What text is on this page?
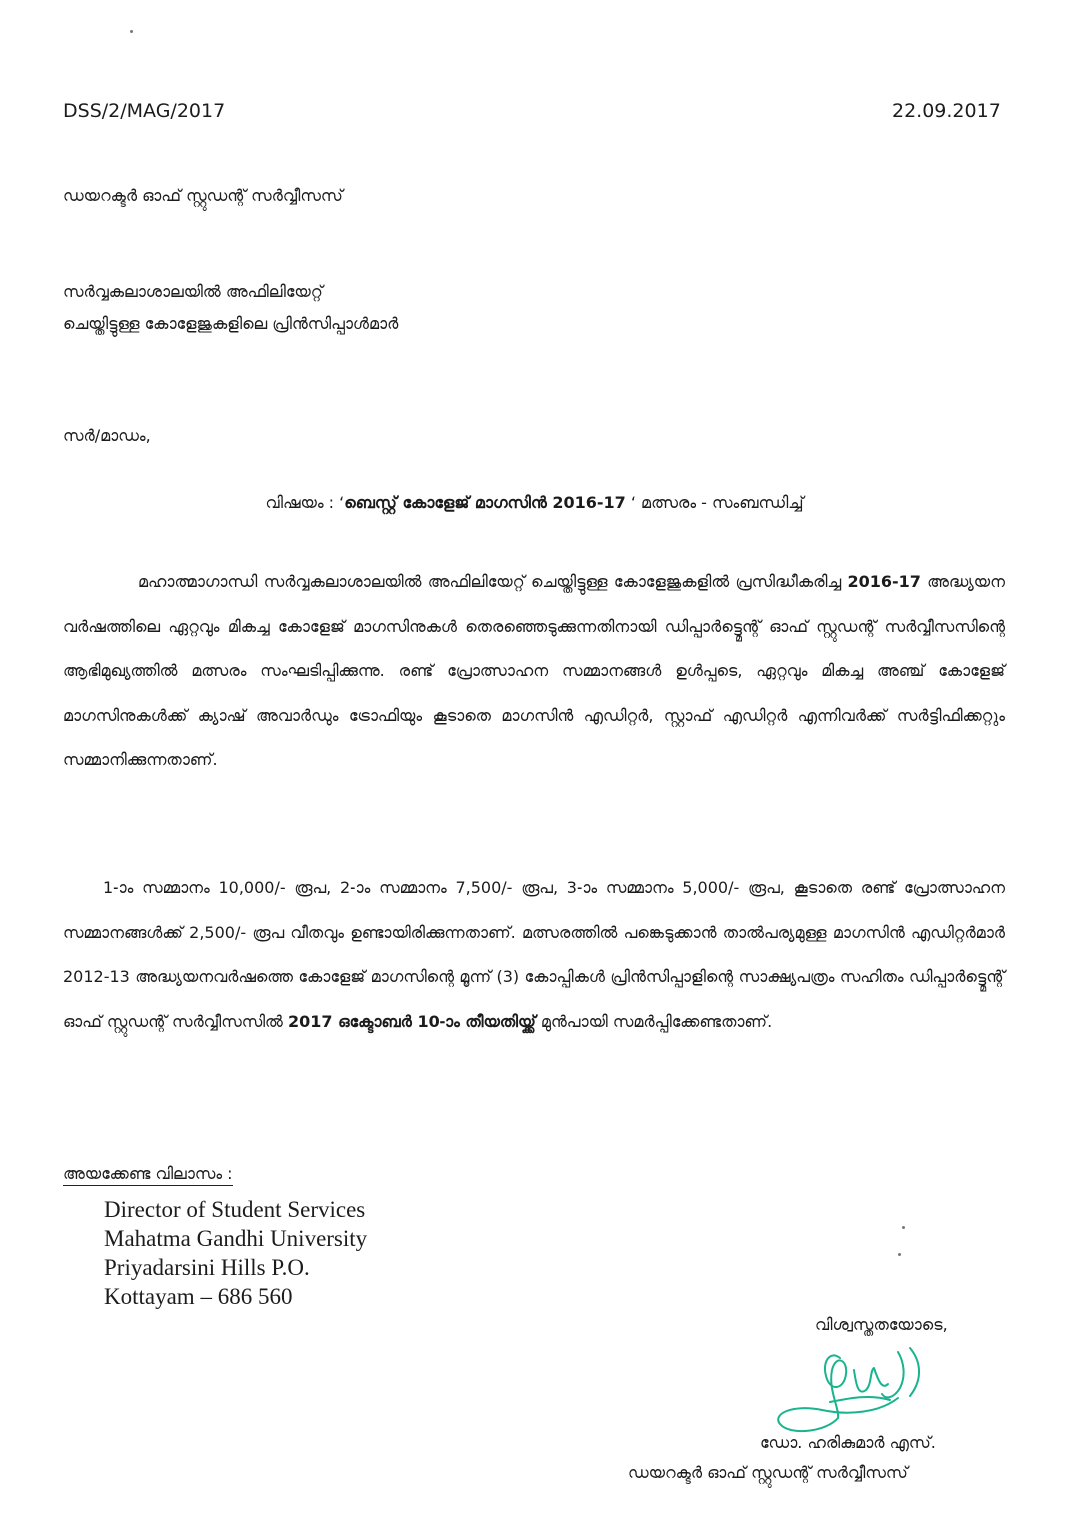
DSS/2/MAG/2017	22.09.2017
ഡയറക്ടർ ഓഫ് സ്റ്റുഡന്റ് സർവ്വീസസ്
സർവ്വകലാശാലയിൽ അഫിലിയേറ്റ്
ചെയ്തിട്ടുള്ള കോളേജുകളിലെ പ്രിൻസിപ്പാൾമാർ
സർ/മാഡം,
വിഷയം : ‘ബെസ്റ്റ് കോളേജ് മാഗസിൻ 2016-17 ‘ മത്സരം - സംബന്ധിച്ച്
മഹാത്മാഗാന്ധി സർവ്വകലാശാലയിൽ അഫിലിയേറ്റ് ചെയ്തിട്ടുള്ള കോളേജുകളിൽ പ്രസിദ്ധീകരിച്ച 2016-17 അദ്ധ്യയന വർഷത്തിലെ ഏറ്റവും മികച്ച കോളേജ് മാഗസിനുകൾ തെരഞ്ഞെടുക്കുന്നതിനായി ഡിപ്പാർട്ട്മെന്റ് ഓഫ് സ്റ്റുഡന്റ് സർവ്വീസസിന്റെ ആഭിമുഖ്യത്തിൽ മത്സരം സംഘടിപ്പിക്കുന്നു. രണ്ട് പ്രോത്സാഹന സമ്മാനങ്ങൾ ഉൾപ്പടെ, ഏറ്റവും മികച്ച അഞ്ച് കോളേജ് മാഗസിനുകൾക്ക് ക്യാഷ് അവാർഡും ട്രോഫിയും കൂടാതെ മാഗസിൻ എഡിറ്റർ, സ്റ്റാഫ് എഡിറ്റർ എന്നിവർക്ക് സർട്ടിഫിക്കറ്റും സമ്മാനിക്കുന്നതാണ്.
1-ാം സമ്മാനം 10,000/- രൂപ, 2-ാം സമ്മാനം 7,500/- രൂപ, 3-ാം സമ്മാനം 5,000/- രൂപ, കൂടാതെ രണ്ട് പ്രോത്സാഹന സമ്മാനങ്ങൾക്ക് 2,500/- രൂപ വീതവും ഉണ്ടായിരിക്കുന്നതാണ്. മത്സരത്തിൽ പങ്കെടുക്കാൻ താൽപര്യമുള്ള മാഗസിൻ എഡിറ്റർമാർ 2012-13 അദ്ധ്യയനവർഷത്തെ കോളേജ് മാഗസിന്റെ മൂന്ന് (3) കോപ്പികൾ പ്രിൻസിപ്പാളിന്റെ സാക്ഷ്യപത്രം സഹിതം ഡിപ്പാർട്ട്മെന്റ് ഓഫ് സ്റ്റുഡന്റ് സർവ്വീസസിൽ 2017 ഒക്ടോബർ 10-ാം തീയതിയ്ക്ക് മുൻപായി സമർപ്പിക്കേണ്ടതാണ്.
അയക്കേണ്ട വിലാസം :
Director of Student Services
Mahatma Gandhi University
Priyadarsini Hills P.O.
Kottayam – 686 560
വിശ്വസ്തതയോടെ,
ഡോ. ഹരികുമാർ എസ്.
ഡയറക്ടർ ഓഫ് സ്റ്റുഡന്റ് സർവ്വീസസ്
